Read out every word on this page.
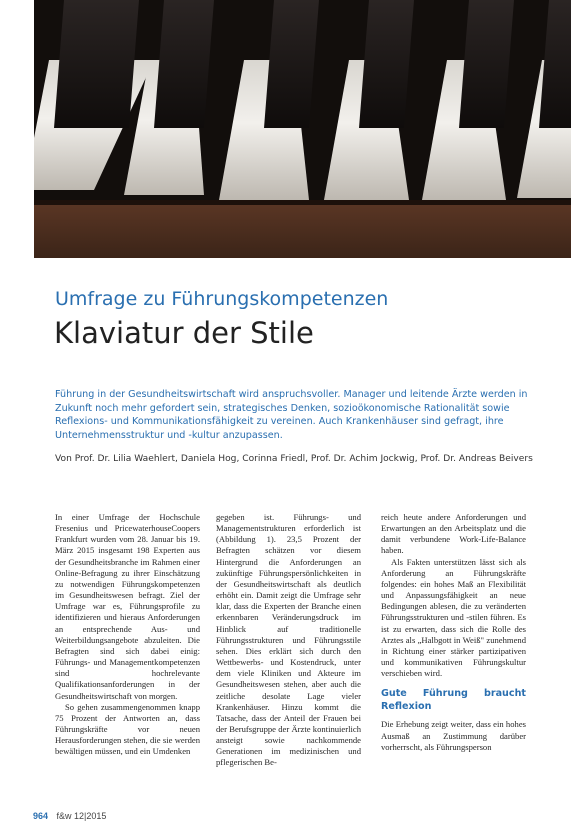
Umfrage zu Führungskompetenzen
Klaviatur der Stile
Führung in der Gesundheitswirtschaft wird anspruchsvoller. Manager und leitende Ärzte werden in Zukunft noch mehr gefordert sein, strategisches Denken, sozioökonomische Rationalität sowie Reflexions- und Kommunikationsfähigkeit zu vereinen. Auch Krankenhäuser sind gefragt, ihre Unternehmensstruktur und -kultur anzupassen.
Von Prof. Dr. Lilia Waehlert, Daniela Hog, Corinna Friedl, Prof. Dr. Achim Jockwig, Prof. Dr. Andreas Beivers

In einer Umfrage der Hochschule Fresenius und PricewaterhouseCoopers Frankfurt wurden vom 28. Januar bis 19. März 2015 insgesamt 198 Experten aus der Gesundheitsbranche im Rahmen einer Online-Befragung zu ihrer Einschätzung zu notwendigen Führungskompetenzen im Gesundheitswesen befragt. Ziel der Umfrage war es, Führungsprofile zu identifizieren und hieraus Anforderungen an entsprechende Aus- und Weiterbildungsangebote abzuleiten. Die Befragten sind sich dabei einig: Führungs- und Managementkompetenzen sind hochrelevante Qualifikationsanforderungen in der Gesundheitswirtschaft von morgen.

So gehen zusammengenommen knapp 75 Prozent der Antworten an, dass Führungskräfte vor neuen Herausforderungen stehen, die sie werden bewältigen müssen, und ein Umdenken

gegeben ist. Führungs- und Managementstrukturen erforderlich ist (Abbildung 1). 23,5 Prozent der Befragten schätzen vor diesem Hintergrund die Anforderungen an zukünftige Führungspersönlichkeiten in der Gesundheitswirtschaft als deutlich erhöht ein. Damit zeigt die Umfrage sehr klar, dass die Experten der Branche einen erkennbaren Veränderungsdruck im Hinblick auf traditionelle Führungsstrukturen und Führungsstile sehen. Dies erklärt sich durch den Wettbewerbs- und Kostendruck, unter dem viele Kliniken und Akteure im Gesundheitswesen stehen, aber auch die zeitliche desolate Lage vieler Krankenhäuser. Hinzu kommt die Tatsache, dass der Anteil der Frauen bei der Berufsgruppe der Ärzte kontinuierlich ansteigt sowie nachkommende Generationen im medizinischen und pflegerischen Be-

reich heute andere Anforderungen und Erwartungen an den Arbeitsplatz und die damit verbundene Work-Life-Balance haben.

Als Fakten unterstützen lässt sich als Anforderung an Führungskräfte folgendes: ein hohes Maß an Flexibilität und Anpassungsfähigkeit an neue Bedingungen ablesen, die zu veränderten Führungsstrukturen und -stilen führen. Es ist zu erwarten, dass sich die Rolle des Arztes als „Halbgott in Weiß" zunehmend in Richtung einer stärker partizipativen und kommunikativen Führungskultur verschieben wird.

Gute Führung braucht Reflexion

Die Erhebung zeigt weiter, dass ein hohes Ausmaß an Zustimmung darüber vorherrscht, als Führungsperson

964 f&w 12|2015
